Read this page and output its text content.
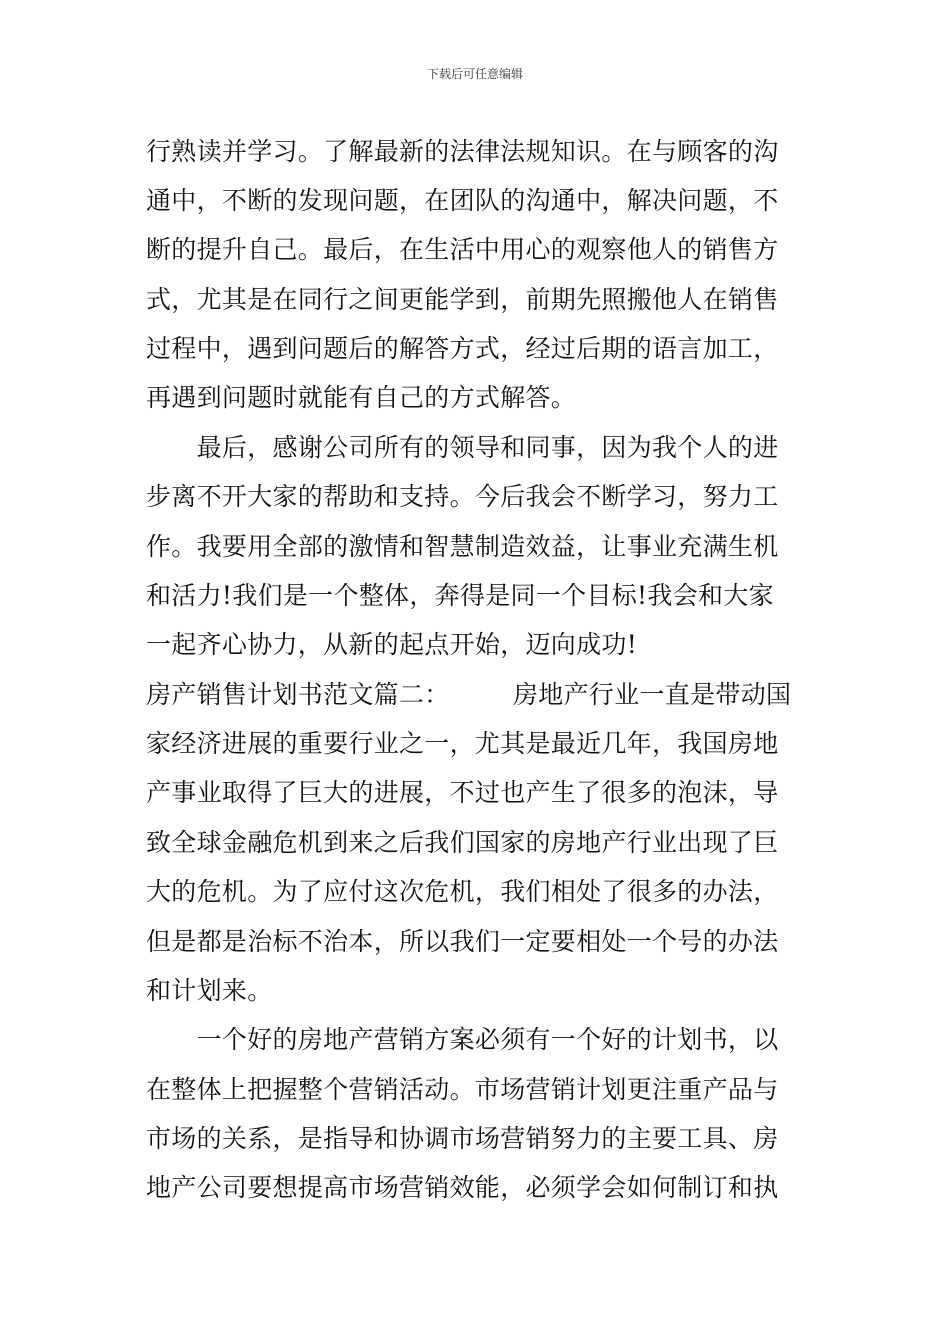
下载后可任意编辑
行熟读并学习。了解最新的法律法规知识。在与顾客的沟
通中，不断的发现问题，在团队的沟通中，解决问题，不
断的提升自己。最后，在生活中用心的观察他人的销售方
式，尤其是在同行之间更能学到，前期先照搬他人在销售
过程中，遇到问题后的解答方式，经过后期的语言加工，
再遇到问题时就能有自己的方式解答。
　　最后，感谢公司所有的领导和同事，因为我个人的进
步离不开大家的帮助和支持。今后我会不断学习，努力工
作。我要用全部的激情和智慧制造效益，让事业充满生机
和活力!我们是一个整体，奔得是同一个目标!我会和大家
一起齐心协力，从新的起点开始，迈向成功!
房产销售计划书范文篇二：　　　房地产行业一直是带动国
家经济进展的重要行业之一，尤其是最近几年，我国房地
产事业取得了巨大的进展，不过也产生了很多的泡沫，导
致全球金融危机到来之后我们国家的房地产行业出现了巨
大的危机。为了应付这次危机，我们相处了很多的办法，
但是都是治标不治本，所以我们一定要相处一个号的办法
和计划来。
　　一个好的房地产营销方案必须有一个好的计划书，以
在整体上把握整个营销活动。市场营销计划更注重产品与
市场的关系，是指导和协调市场营销努力的主要工具、房
地产公司要想提高市场营销效能，必须学会如何制订和执
